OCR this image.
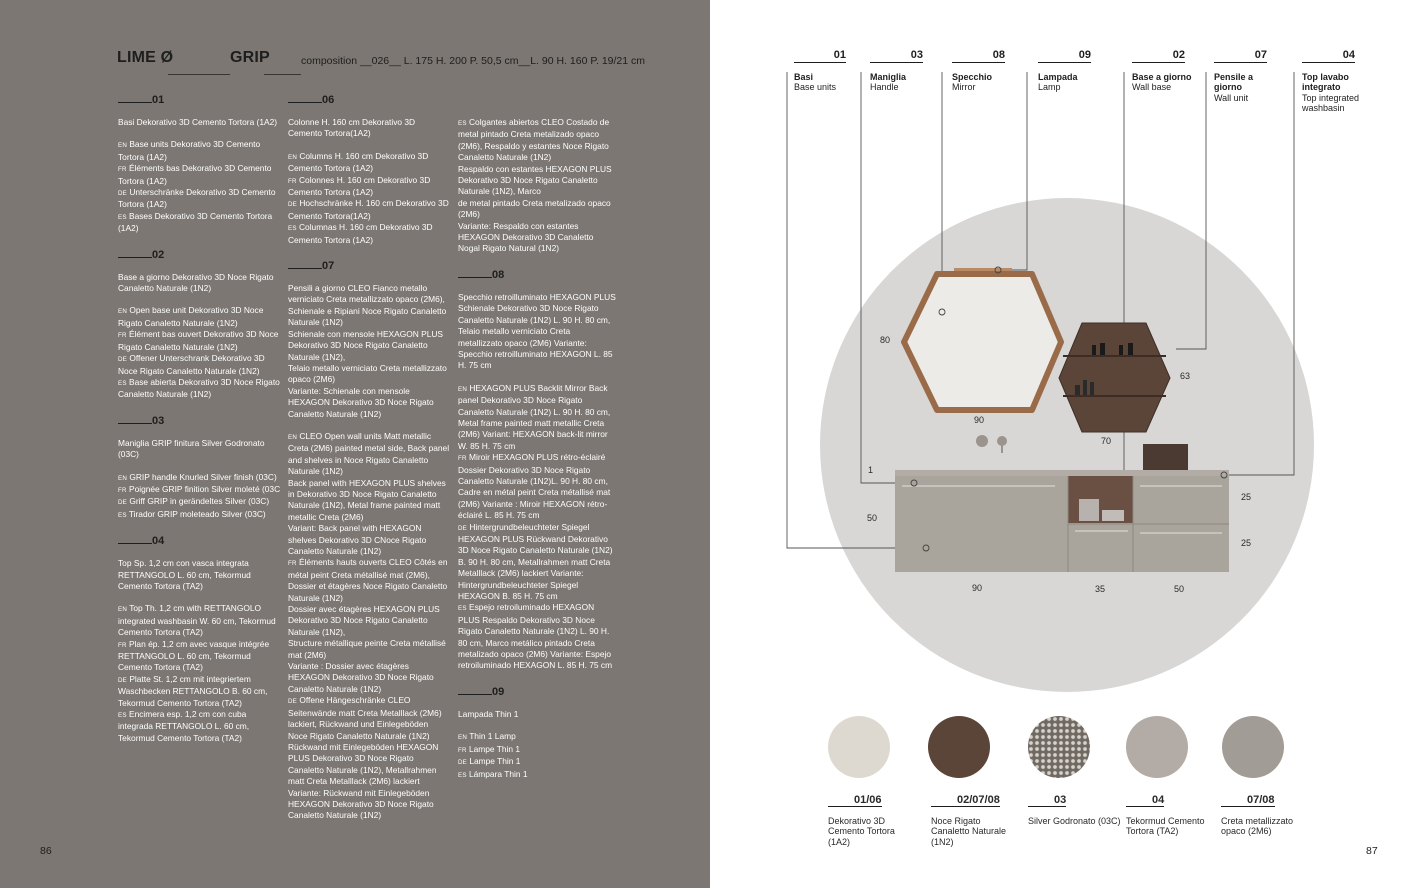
LIME Ø	GRIP	composition __026__ L. 175 H. 200 P. 50,5 cm__L. 90 H. 160 P. 19/21 cm
01

Basi Dekorativo 3D Cemento Tortora (1A2)

EN Base units Dekorativo 3D Cemento Tortora (1A2)

FR Éléments bas Dekorativo 3D Cemento Tortora (1A2)

DE Unterschränke Dekorativo 3D Cemento Tortora (1A2)

ES Bases Dekorativo 3D Cemento Tortora (1A2)

02

Base a giorno Dekorativo 3D Noce Rigato Canaletto Naturale (1N2)

EN Open base unit Dekorativo 3D Noce Rigato Canaletto Naturale (1N2)

FR Élément bas ouvert Dekorativo 3D Noce Rigato Canaletto Naturale (1N2)

DE Offener Unterschrank Dekorativo 3D Noce Rigato Canaletto Naturale (1N2)

ES Base abierta Dekorativo 3D Noce Rigato Canaletto Naturale (1N2)

03

Maniglia GRIP finitura Silver Godronato (03C)

EN GRIP handle Knurled Silver finish (03C)

FR Poignée GRIP finition Silver moleté (03C

DE Griff GRIP in gerändeltes Silver (03C)

ES Tirador GRIP moleteado Silver (03C)

04

Top Sp. 1,2 cm con vasca integrata RETTANGOLO L. 60 cm, Tekormud Cemento Tortora (TA2)

EN Top Th. 1,2 cm with RETTANGOLO integrated washbasin W. 60 cm, Tekormud Cemento Tortora (TA2)

FR Plan ép. 1,2 cm avec vasque intégrée RETTANGOLO L. 60 cm, Tekormud Cemento Tortora (TA2)

DE Platte St. 1,2 cm mit integriertem Waschbecken RETTANGOLO B. 60 cm, Tekormud Cemento Tortora (TA2)

ES Encimera esp. 1,2 cm con cuba integrada RETTANGOLO L. 60 cm, Tekormud Cemento Tortora (TA2)

06

Colonne H. 160 cm Dekorativo 3D Cemento Tortora(1A2)

EN Columns H. 160 cm Dekorativo 3D Cemento Tortora (1A2)

FR Colonnes H. 160 cm Dekorativo 3D Cemento Tortora (1A2)

DE Hochschränke H. 160 cm Dekorativo 3D Cemento Tortora(1A2)

ES Columnas H. 160 cm Dekorativo 3D Cemento Tortora (1A2)

07

Pensili a giorno CLEO Fianco metallo verniciato Creta metallizzato opaco (2M6), Schienale e Ripiani Noce Rigato Canaletto Naturale (1N2)

Schienale con mensole HEXAGON PLUS Dekorativo 3D Noce Rigato Canaletto Naturale (1N2),

Telaio metallo verniciato Creta metallizzato opaco (2M6)

Variante: Schienale con mensole HEXAGON Dekorativo 3D Noce Rigato Canaletto Naturale (1N2)

EN CLEO Open wall units Matt metallic Creta (2M6) painted metal side, Back panel and shelves in Noce Rigato Canaletto Naturale (1N2)

Back panel with HEXAGON PLUS shelves in Dekorativo 3D Noce Rigato Canaletto Naturale (1N2), Metal frame painted matt metallic Creta (2M6)

Variant: Back panel with HEXAGON shelves Dekorativo 3D CNoce Rigato Canaletto Naturale (1N2)

FR Éléments hauts ouverts CLEO Côtés en métal peint Creta métallisé mat (2M6), Dossier et étagères Noce Rigato Canaletto Naturale (1N2)

Dossier avec étagères HEXAGON PLUS Dekorativo 3D Noce Rigato Canaletto Naturale (1N2),

Structure métallique peinte Creta métallisé mat (2M6)

Variante : Dossier avec étagères HEXAGON Dekorativo 3D Noce Rigato Canaletto Naturale (1N2)

DE Offene Hängeschränke CLEO Seitenwände matt Creta Metalllack (2M6) lackiert, Rückwand und Einlegeböden Noce Rigato Canaletto Naturale (1N2) Rückwand mit Einlegeböden HEXAGON PLUS Dekorativo 3D Noce Rigato Canaletto Naturale (1N2), Metallrahmen matt Creta Metalllack (2M6) lackiert

Variante: Rückwand mit Einlegeböden HEXAGON Dekorativo 3D Noce Rigato Canaletto Naturale (1N2)

ES Colgantes abiertos CLEO Costado de metal pintado Creta metalizado opaco (2M6), Respaldo y estantes Noce Rigato Canaletto Naturale (1N2)

Respaldo con estantes HEXAGON PLUS Dekorativo 3D Noce Rigato Canaletto Naturale (1N2), Marco

de metal pintado Creta metalizado opaco (2M6)

Variante: Respaldo con estantes HEXAGON Dekorativo 3D Canaletto Nogal Rigato Natural (1N2)

08

Specchio retroilluminato HEXAGON PLUS Schienale Dekorativo 3D Noce Rigato Canaletto Naturale (1N2) L. 90 H. 80 cm, Telaio metallo verniciato Creta metallizzato opaco (2M6) Variante: Specchio retroilluminato HEXAGON L. 85 H. 75 cm

EN HEXAGON PLUS Backlit Mirror Back panel Dekorativo 3D Noce Rigato Canaletto Naturale (1N2) L. 90 H. 80 cm, Metal frame painted matt metallic Creta (2M6) Variant: HEXAGON back-lit mirror W. 85 H. 75 cm

FR Miroir HEXAGON PLUS rétro-éclairé Dossier Dekorativo 3D Noce Rigato Canaletto Naturale (1N2)L. 90 H. 80 cm, Cadre en métal peint Creta métallisé mat (2M6) Variante : Miroir HEXAGON rétro-éclairé L. 85 H. 75 cm

DE Hintergrundbeleuchteter Spiegel HEXAGON PLUS Rückwand Dekorativo 3D Noce Rigato Canaletto Naturale (1N2) B. 90 H. 80 cm, Metallrahmen matt Creta Metalllack (2M6) lackiert Variante: Hintergrundbeleuchteter Spiegel HEXAGON B. 85 H. 75 cm

ES Espejo retroiluminado HEXAGON PLUS Respaldo Dekorativo 3D Noce Rigato Canaletto Naturale (1N2) L. 90 H. 80 cm, Marco metálico pintado Creta metalizado opaco (2M6) Variante: Espejo retroiluminado HEXAGON L. 85 H. 75 cm

09

Lampada Thin 1

EN Thin 1 Lamp

FR Lampe Thin 1

DE Lampe Thin 1

ES Lámpara Thin 1

86
01
Basi
Base units
03
Maniglia
Handle
08
Specchio
Mirror
09
Lampada
Lamp
02
Base a giorno
Wall base
07
Pensile a giorno
Wall unit
04
Top lavabo integrato
Top integrated washbasin
80
90
63
70
1
50
25
25
90	35	50
01/06
Dekorativo 3D Cemento Tortora (1A2)
02/07/08
Noce Rigato Canaletto Naturale (1N2)
03
Silver Godronato (03C)
04
Tekormud Cemento Tortora (TA2)
07/08
Creta metallizzato opaco (2M6)
87
